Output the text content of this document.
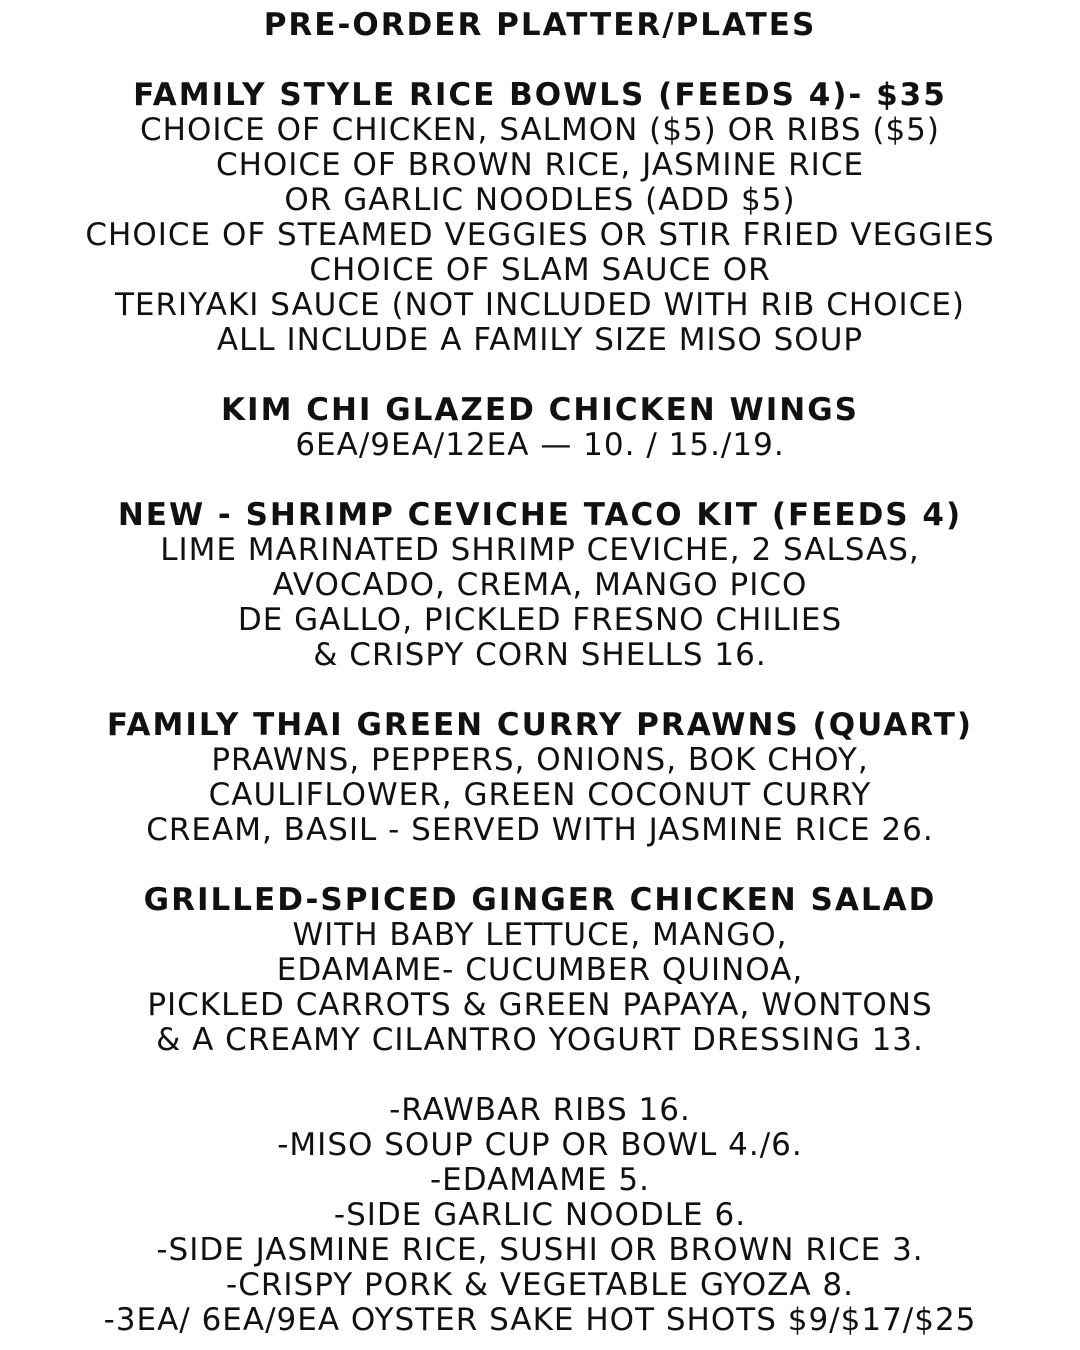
PRE-ORDER PLATTER/PLATES
FAMILY STYLE RICE BOWLS (FEEDS 4)- $35
CHOICE OF CHICKEN, SALMON ($5) OR RIBS ($5)
CHOICE OF BROWN RICE, JASMINE RICE
OR GARLIC NOODLES (ADD $5)
CHOICE OF STEAMED VEGGIES OR STIR FRIED VEGGIES
CHOICE OF SLAM SAUCE OR
TERIYAKI SAUCE (NOT INCLUDED WITH RIB CHOICE)
ALL INCLUDE A FAMILY SIZE MISO SOUP
KIM CHI GLAZED CHICKEN WINGS
6EA/9EA/12EA — 10. / 15./19.
NEW - SHRIMP CEVICHE TACO KIT (FEEDS 4)
LIME MARINATED SHRIMP CEVICHE, 2 SALSAS,
AVOCADO, CREMA, MANGO PICO
DE GALLO, PICKLED FRESNO CHILIES
& CRISPY CORN SHELLS 16.
FAMILY THAI GREEN CURRY PRAWNS (QUART)
PRAWNS, PEPPERS, ONIONS, BOK CHOY,
CAULIFLOWER, GREEN COCONUT CURRY
CREAM, BASIL - SERVED WITH JASMINE RICE 26.
GRILLED-SPICED GINGER CHICKEN SALAD
WITH BABY LETTUCE, MANGO,
EDAMAME- CUCUMBER QUINOA,
PICKLED CARROTS & GREEN PAPAYA, WONTONS
& A CREAMY CILANTRO YOGURT DRESSING 13.
-RAWBAR RIBS 16.
-MISO SOUP CUP OR BOWL 4./6.
-EDAMAME 5.
-SIDE GARLIC NOODLE 6.
-SIDE JASMINE RICE, SUSHI OR BROWN RICE 3.
-CRISPY PORK & VEGETABLE GYOZA 8.
-3EA/ 6EA/9EA OYSTER SAKE HOT SHOTS $9/$17/$25
